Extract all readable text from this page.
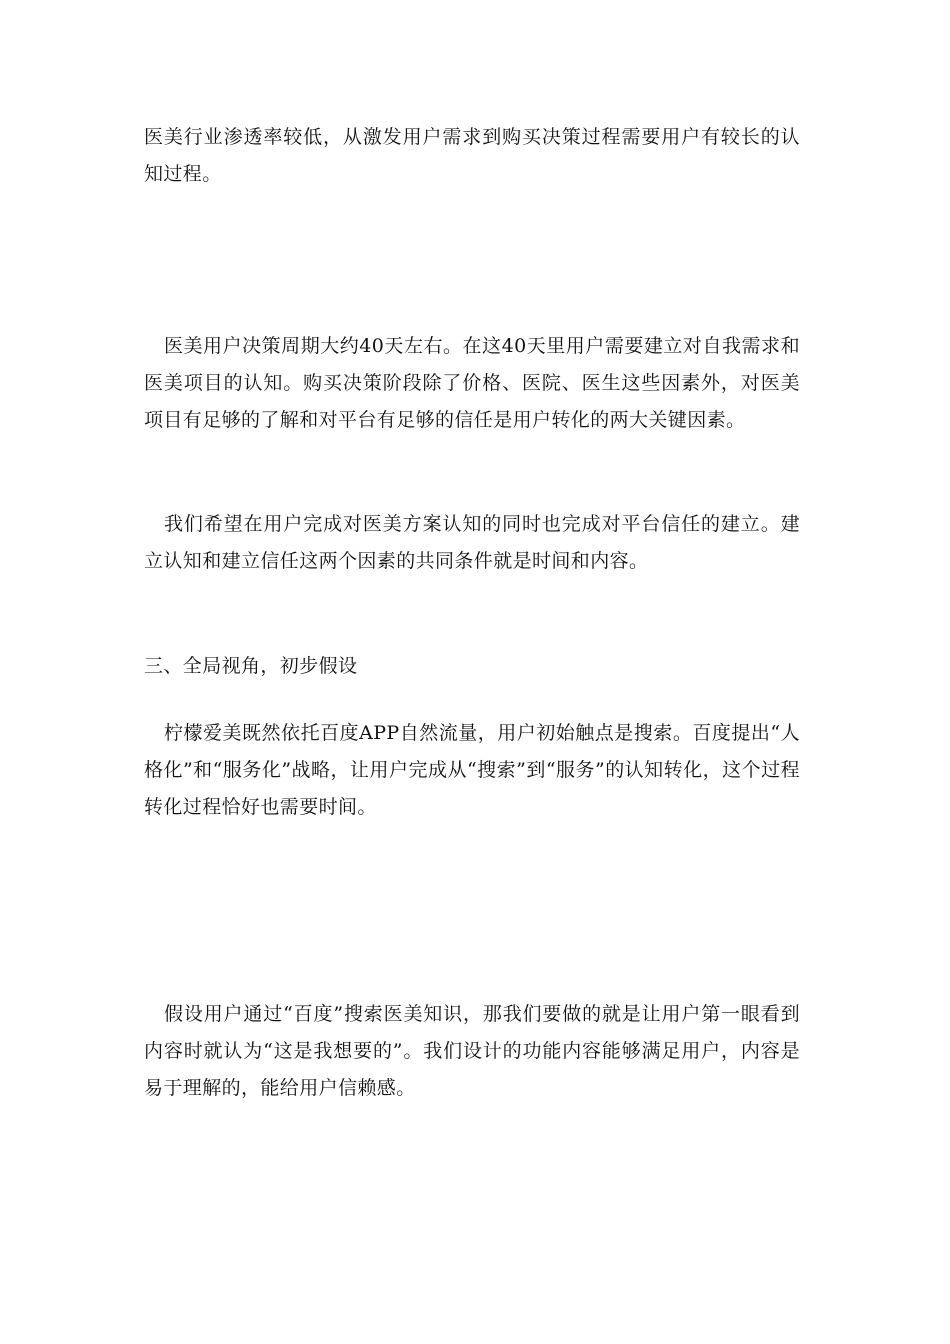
医美行业渗透率较低，从激发用户需求到购买决策过程需要用户有较长的认知过程。

医美用户决策周期大约40天左右。在这40天里用户需要建立对自我需求和医美项目的认知。购买决策阶段除了价格、医院、医生这些因素外，对医美项目有足够的了解和对平台有足够的信任是用户转化的两大关键因素。

我们希望在用户完成对医美方案认知的同时也完成对平台信任的建立。建立认知和建立信任这两个因素的共同条件就是时间和内容。

三、全局视角，初步假设

柠檬爱美既然依托百度APP自然流量，用户初始触点是搜索。百度提出“人格化”和“服务化”战略，让用户完成从“搜索”到“服务”的认知转化，这个过程转化过程恰好也需要时间。

假设用户通过“百度”搜索医美知识，那我们要做的就是让用户第一眼看到内容时就认为“这是我想要的”。我们设计的功能内容能够满足用户，内容是易于理解的，能给用户信赖感。
